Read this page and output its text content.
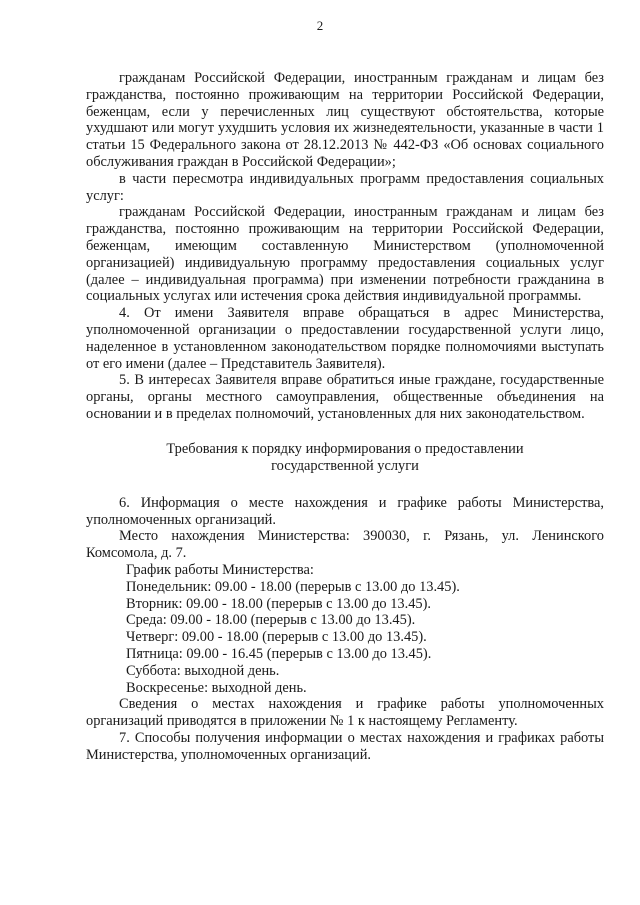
2

гражданам Российской Федерации, иностранным гражданам и лицам без гражданства, постоянно проживающим на территории Российской Федерации, беженцам, если у перечисленных лиц существуют обстоятельства, которые ухудшают или могут ухудшить условия их жизнедеятельности, указанные в части 1 статьи 15 Федерального закона от 28.12.2013 № 442-ФЗ «Об основах социального обслуживания граждан в Российской Федерации»;

в части пересмотра индивидуальных программ предоставления социальных услуг:

гражданам Российской Федерации, иностранным гражданам и лицам без гражданства, постоянно проживающим на территории Российской Федерации, беженцам, имеющим составленную Министерством (уполномоченной организацией) индивидуальную программу предоставления социальных услуг (далее – индивидуальная программа) при изменении потребности гражданина в социальных услугах или истечения срока действия индивидуальной программы.

4. От имени Заявителя вправе обращаться в адрес Министерства, уполномоченной организации о предоставлении государственной услуги лицо, наделенное в установленном законодательством порядке полномочиями выступать от его имени (далее – Представитель Заявителя).

5. В интересах Заявителя вправе обратиться иные граждане, государственные органы, органы местного самоуправления, общественные объединения на основании и в пределах полномочий, установленных для них законодательством.

Требования к порядку информирования о предоставлении
государственной услуги

6. Информация о месте нахождения и графике работы Министерства, уполномоченных организаций.

Место нахождения Министерства: 390030, г. Рязань, ул. Ленинского Комсомола, д. 7.

График работы Министерства:

Понедельник: 09.00 - 18.00 (перерыв с 13.00 до 13.45).

Вторник: 09.00 - 18.00 (перерыв с 13.00 до 13.45).

Среда: 09.00 - 18.00 (перерыв с 13.00 до 13.45).

Четверг: 09.00 - 18.00 (перерыв с 13.00 до 13.45).

Пятница: 09.00 - 16.45 (перерыв с 13.00 до 13.45).

Суббота: выходной день.

Воскресенье: выходной день.

Сведения о местах нахождения и графике работы уполномоченных организаций приводятся в приложении № 1 к настоящему Регламенту.

7. Способы получения информации о местах нахождения и графиках работы Министерства, уполномоченных организаций.
